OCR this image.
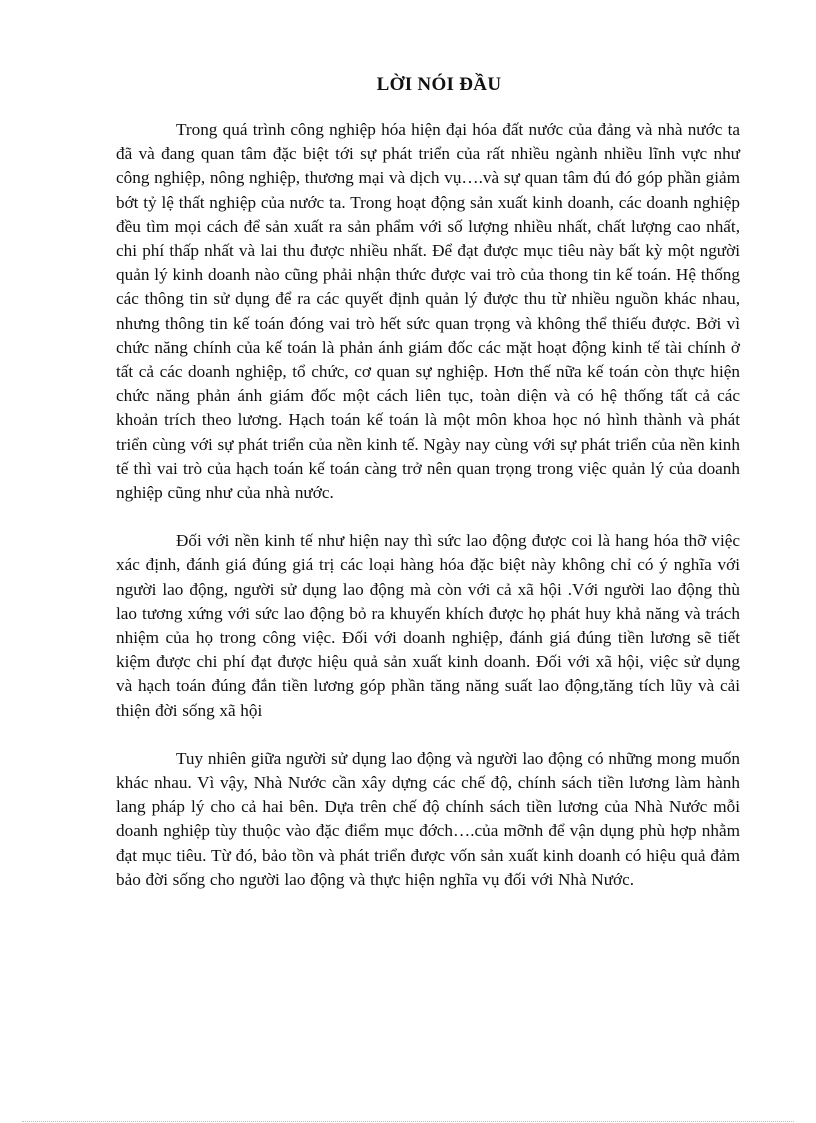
LỜI NÓI ĐẦU

Trong quá trình công nghiệp hóa hiện đại hóa đất nước của đảng và nhà nước ta đã và đang quan tâm đặc biệt tới sự phát triển của rất nhiều ngành nhiều lĩnh vực như công nghiệp, nông nghiệp, thương mại và dịch vụ….và sự quan tâm đú đó góp phần giảm bớt tỷ lệ thất nghiệp của nước ta. Trong hoạt động sản xuất kinh doanh, các doanh nghiệp đều tìm mọi cách để sản xuất ra sản phẩm với số lượng nhiều nhất, chất lượng cao nhất, chi phí thấp nhất và lai thu được nhiều nhất. Để đạt được mục tiêu này bất kỳ một người quản lý kinh doanh nào cũng phải nhận thức được vai trò của thong tin kế toán. Hệ thống các thông tin sử dụng để ra các quyết định quản lý được thu từ nhiều nguồn khác nhau, nhưng thông tin kế toán đóng vai trò hết sức quan trọng và không thể thiếu được. Bởi vì chức năng chính của kế toán là phản ánh giám đốc các mặt hoạt động kinh tế tài chính ở tất cả các doanh nghiệp, tổ chức, cơ quan sự nghiệp. Hơn thế nữa kế toán còn thực hiện chức năng phản ánh giám đốc một cách liên tục, toàn diện và có hệ thống tất cả các khoản trích theo lương. Hạch toán kế toán là một môn khoa học nó hình thành và phát triển cùng với sự phát triển của nền kinh tế. Ngày nay cùng với sự phát triển của nền kinh tế thì vai trò của hạch toán kế toán càng trở nên quan trọng trong việc quản lý của doanh nghiệp cũng như của nhà nước.

Đối với nền kinh tế như hiện nay thì sức lao động được coi là hang hóa thỡ việc xác định, đánh giá đúng giá trị các loại hàng hóa đặc biệt này không chỉ có ý nghĩa với người lao động, người sử dụng lao động mà còn với cả xã hội .Với người lao động thù lao tương xứng với sức lao động bỏ ra khuyến khích được họ phát huy khả năng và trách nhiệm của họ trong công việc. Đối với doanh nghiệp, đánh giá đúng tiền lương sẽ tiết kiệm được chi phí đạt được hiệu quả sản xuất kinh doanh. Đối với xã hội, việc sử dụng và hạch toán đúng đắn tiền lương góp phần tăng năng suất lao động,tăng tích lũy và cải thiện đời sống xã hội

Tuy nhiên giữa người sử dụng lao động và người lao động có những mong muốn khác nhau. Vì vậy, Nhà Nước cần xây dựng các chế độ, chính sách tiền lương làm hành lang pháp lý cho cả hai bên. Dựa trên chế độ chính sách tiền lương của Nhà Nước mỗi doanh nghiệp tùy thuộc vào đặc điểm mục đớch….của mỡnh để vận dụng phù hợp nhằm đạt mục tiêu. Từ đó, bảo tồn và phát triển được vốn sản xuất kinh doanh có hiệu quả đảm bảo đời sống cho người lao động và thực hiện nghĩa vụ đối với Nhà Nước.
